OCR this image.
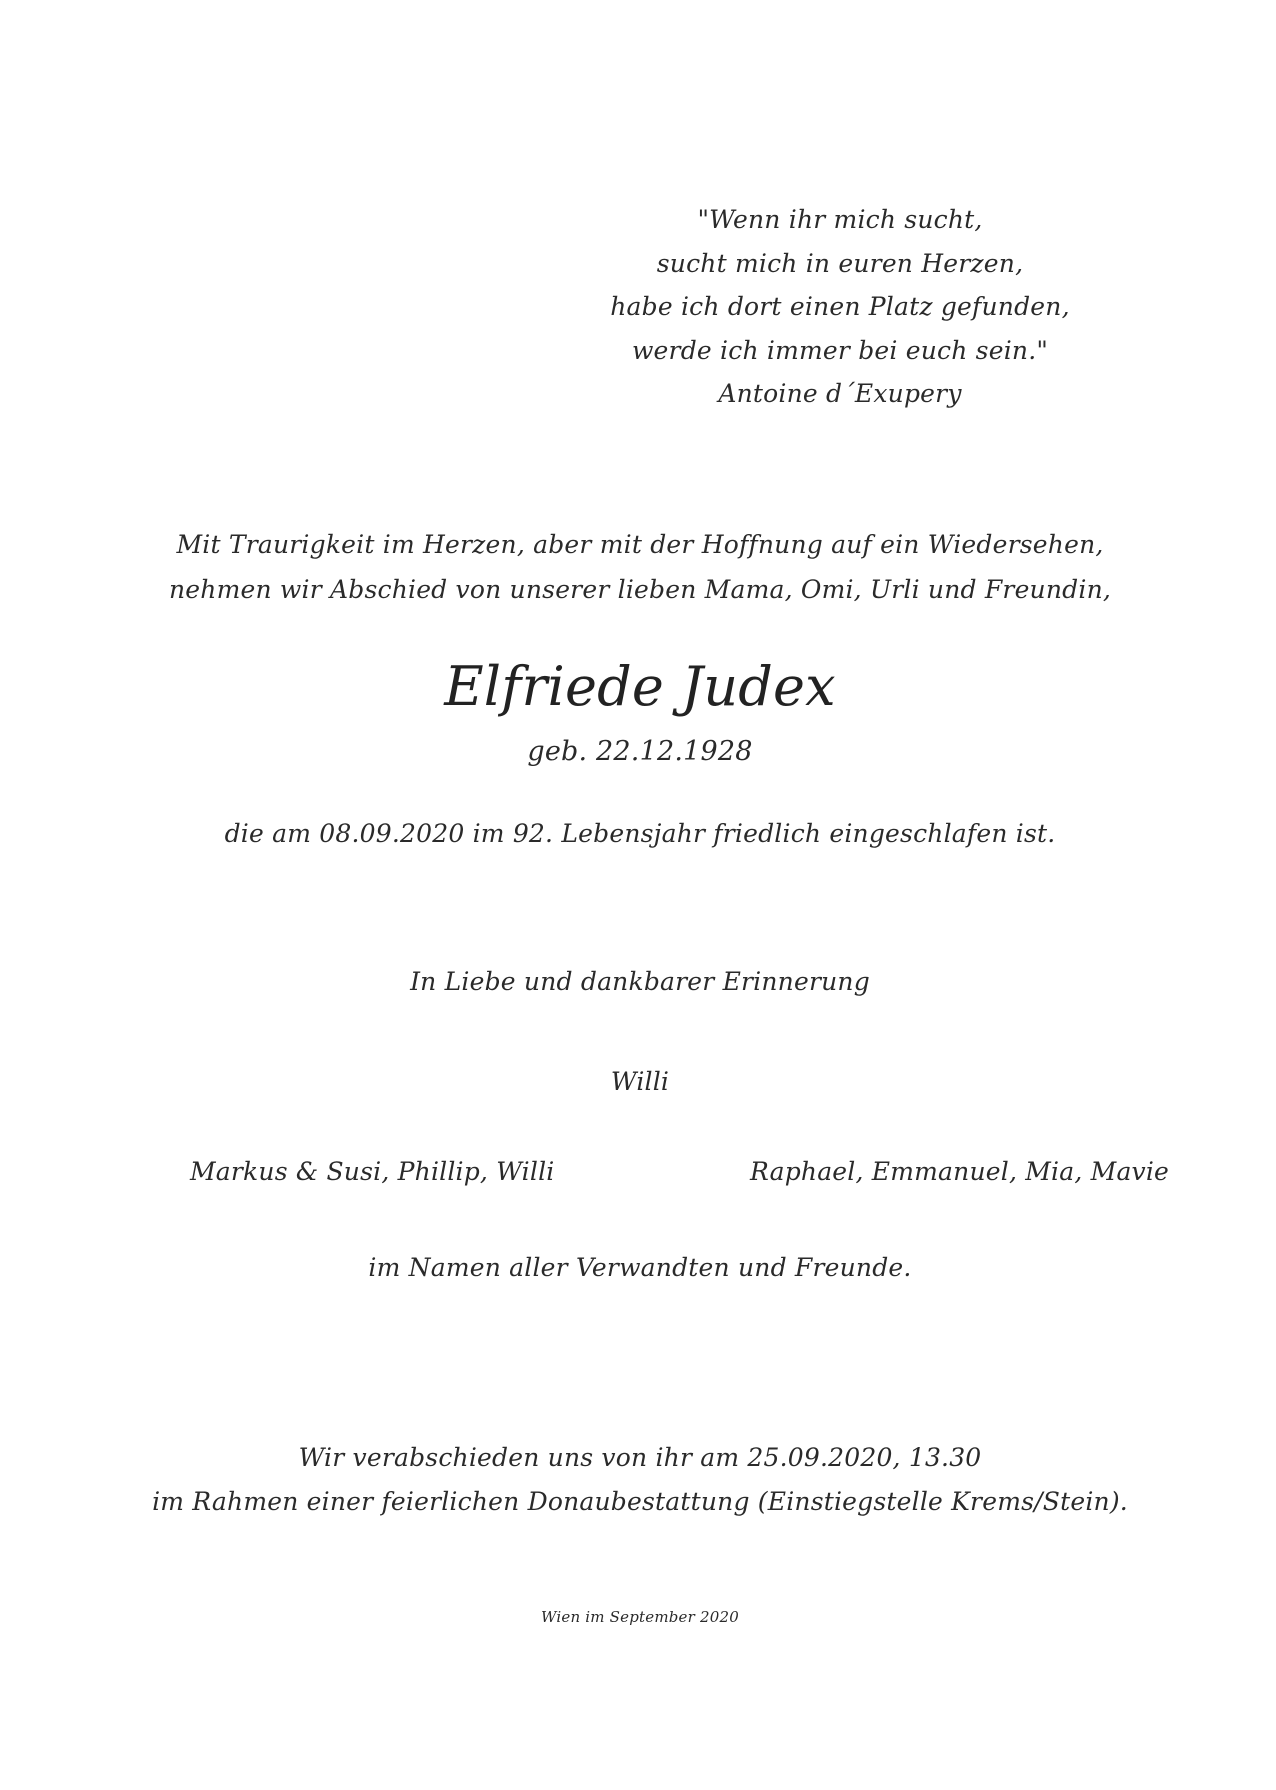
"Wenn ihr mich sucht,
sucht mich in euren Herzen,
habe ich dort einen Platz gefunden,
werde ich immer bei euch sein."
Antoine d´Exupery
Mit Traurigkeit im Herzen, aber mit der Hoffnung auf ein Wiedersehen,
nehmen wir Abschied von unserer lieben Mama, Omi, Urli und Freundin,
Elfriede Judex
geb. 22.12.1928
die am 08.09.2020 im 92. Lebensjahr friedlich eingeschlafen ist.
In Liebe und dankbarer Erinnerung
Willi
Markus & Susi, Phillip, Willi	Raphael, Emmanuel, Mia, Mavie
im Namen aller Verwandten und Freunde.
Wir verabschieden uns von ihr am 25.09.2020, 13.30
im Rahmen einer feierlichen Donaubestattung (Einstiegstelle Krems/Stein).
Wien im September 2020
